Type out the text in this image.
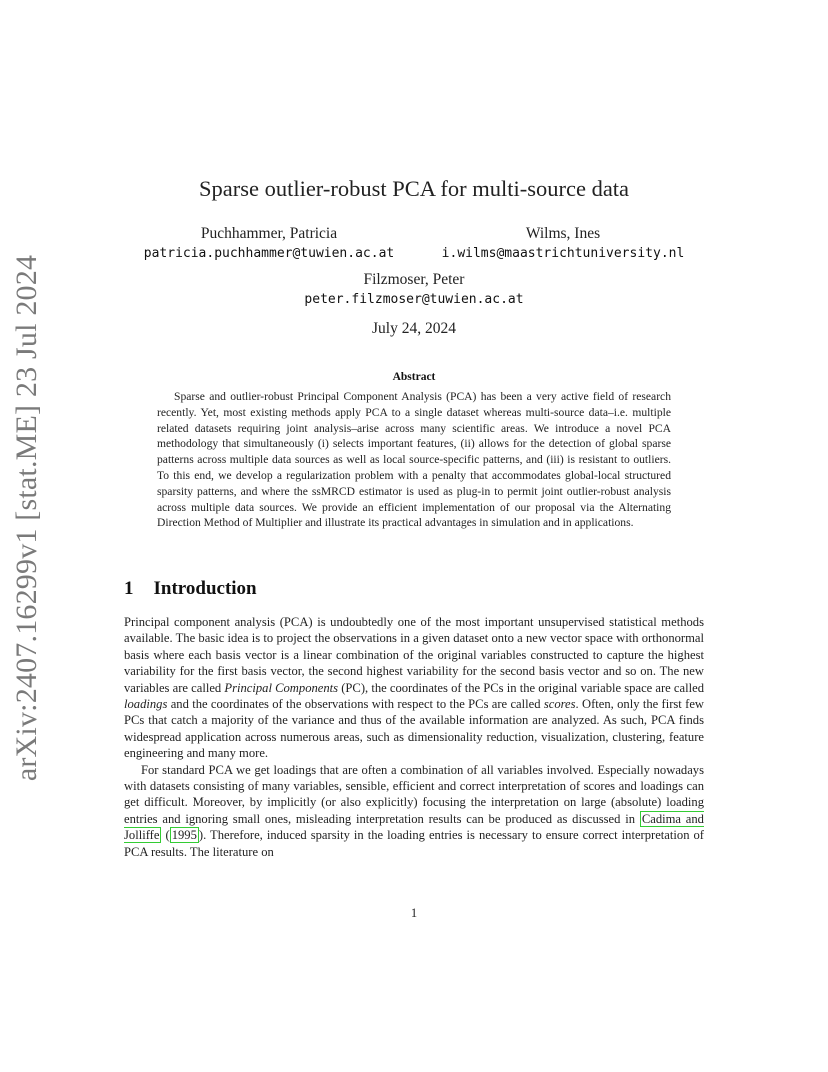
arXiv:2407.16299v1 [stat.ME] 23 Jul 2024
Sparse outlier-robust PCA for multi-source data
Puchhammer, Patricia
patricia.puchhammer@tuwien.ac.at
Wilms, Ines
i.wilms@maastrichtuniversity.nl
Filzmoser, Peter
peter.filzmoser@tuwien.ac.at
July 24, 2024
Abstract

Sparse and outlier-robust Principal Component Analysis (PCA) has been a very active field of research recently. Yet, most existing methods apply PCA to a single dataset whereas multi-source data–i.e. multiple related datasets requiring joint analysis–arise across many scientific areas. We introduce a novel PCA methodology that simultaneously (i) selects important features, (ii) allows for the detection of global sparse patterns across multiple data sources as well as local source-specific patterns, and (iii) is resistant to outliers. To this end, we develop a regularization problem with a penalty that accommodates global-local structured sparsity patterns, and where the ssMRCD estimator is used as plug-in to permit joint outlier-robust analysis across multiple data sources. We provide an efficient implementation of our proposal via the Alternating Direction Method of Multiplier and illustrate its practical advantages in simulation and in applications.

1 Introduction

Principal component analysis (PCA) is undoubtedly one of the most important unsupervised statistical methods available. The basic idea is to project the observations in a given dataset onto a new vector space with orthonormal basis where each basis vector is a linear combination of the original variables constructed to capture the highest variability for the first basis vector, the second highest variability for the second basis vector and so on. The new variables are called Principal Components (PC), the coordinates of the PCs in the original variable space are called loadings and the coordinates of the observations with respect to the PCs are called scores. Often, only the first few PCs that catch a majority of the variance and thus of the available information are analyzed. As such, PCA finds widespread application across numerous areas, such as dimensionality reduction, visualization, clustering, feature engineering and many more.

For standard PCA we get loadings that are often a combination of all variables involved. Especially nowadays with datasets consisting of many variables, sensible, efficient and correct interpretation of scores and loadings can get difficult. Moreover, by implicitly (or also explicitly) focusing the interpretation on large (absolute) loading entries and ignoring small ones, misleading interpretation results can be produced as discussed in Cadima and Jolliffe ( 1995 ). Therefore, induced sparsity in the loading entries is necessary to ensure correct interpretation of PCA results. The literature on

1
